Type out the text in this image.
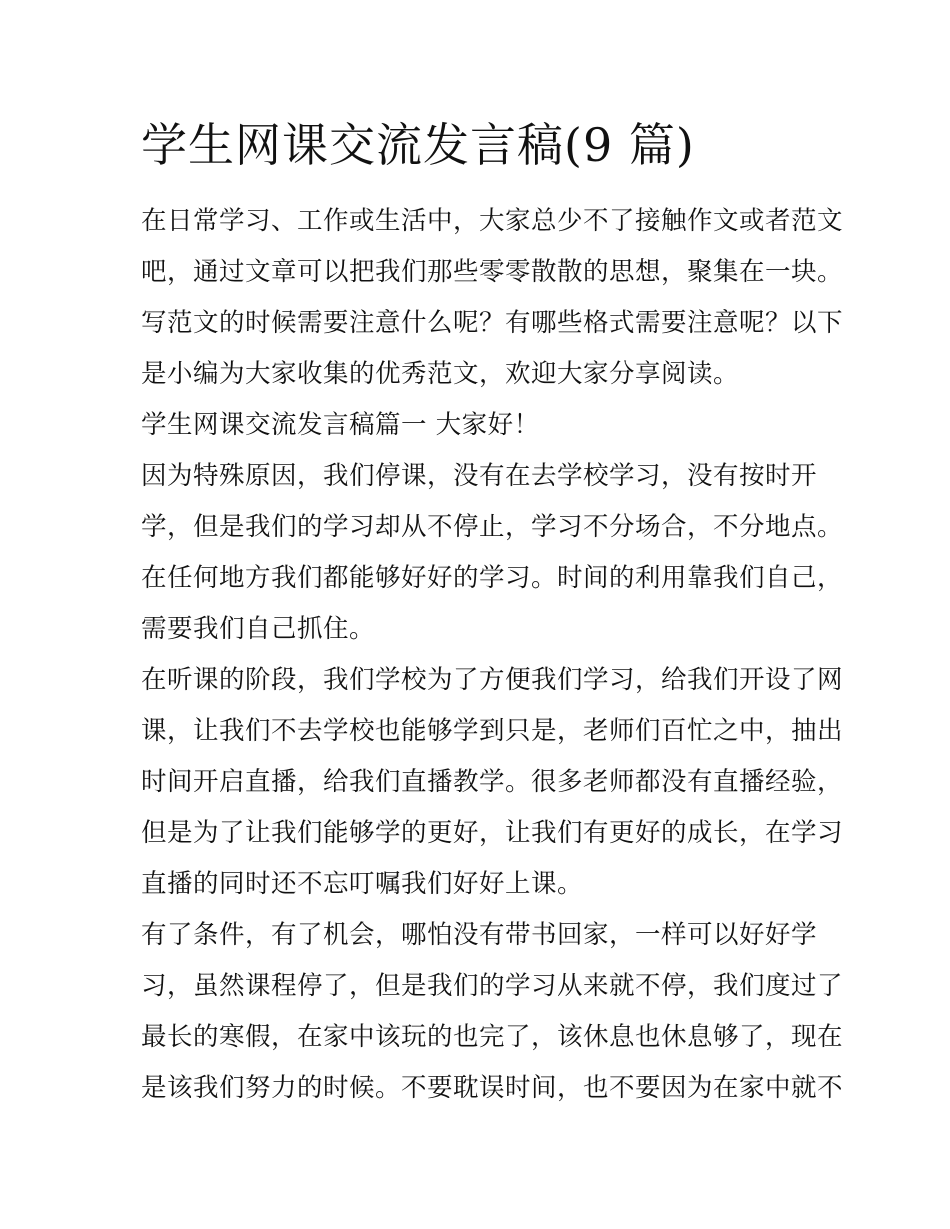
学生网课交流发言稿(9 篇)

在日常学习、工作或生活中，大家总少不了接触作文或者范文

吧，通过文章可以把我们那些零零散散的思想，聚集在一块。

写范文的时候需要注意什么呢？有哪些格式需要注意呢？以下

是小编为大家收集的优秀范文，欢迎大家分享阅读。

学生网课交流发言稿篇一 大家好！

因为特殊原因，我们停课，没有在去学校学习，没有按时开

学，但是我们的学习却从不停止，学习不分场合，不分地点。

在任何地方我们都能够好好的学习。时间的利用靠我们自己，

需要我们自己抓住。

在听课的阶段，我们学校为了方便我们学习，给我们开设了网

课，让我们不去学校也能够学到只是，老师们百忙之中，抽出

时间开启直播，给我们直播教学。很多老师都没有直播经验，

但是为了让我们能够学的更好，让我们有更好的成长，在学习

直播的同时还不忘叮嘱我们好好上课。

有了条件，有了机会，哪怕没有带书回家，一样可以好好学

习，虽然课程停了，但是我们的学习从来就不停，我们度过了

最长的寒假，在家中该玩的也完了，该休息也休息够了，现在

是该我们努力的时候。不要耽误时间，也不要因为在家中就不
